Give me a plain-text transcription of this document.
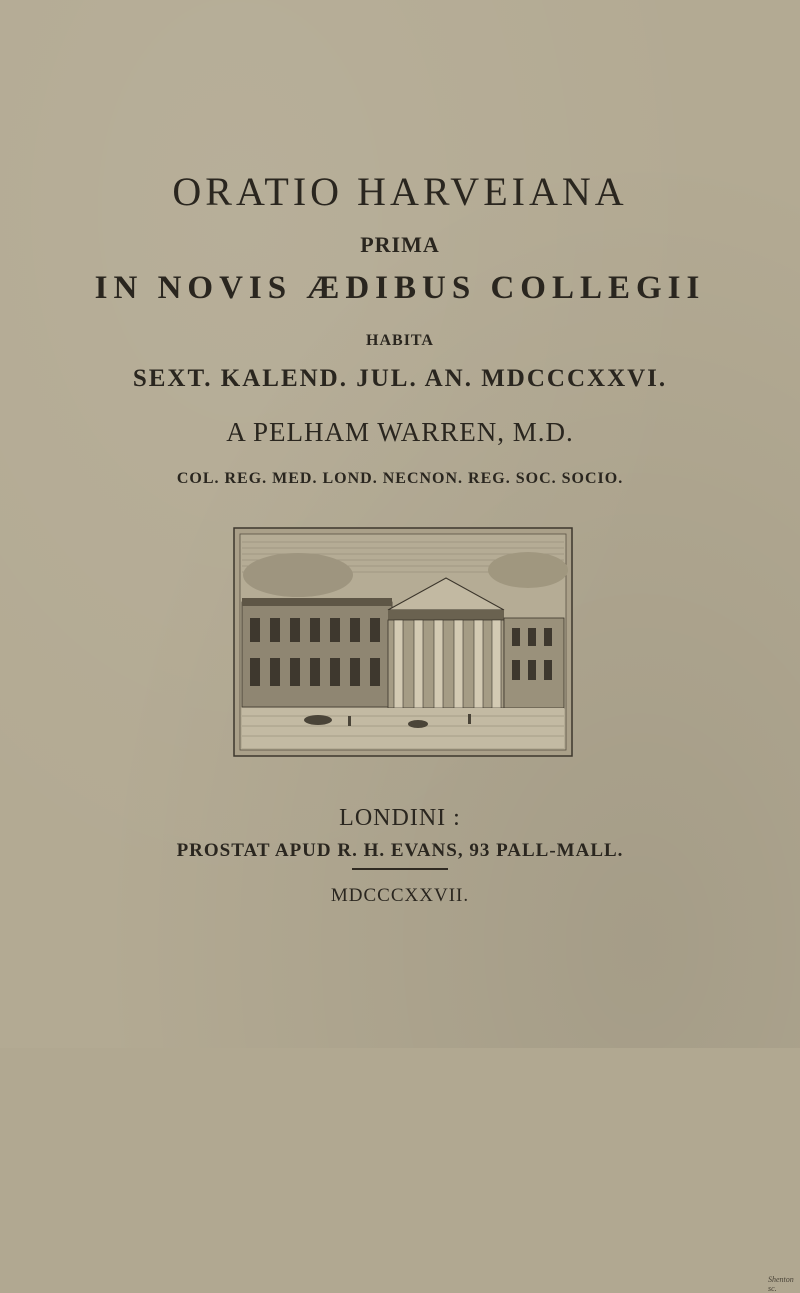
ORATIO HARVEIANA
PRIMA
IN NOVIS ÆDIBUS COLLEGII
HABITA
SEXT. KALEND. JUL. AN. MDCCCXXVI.
A PELHAM WARREN, M.D.
COL. REG. MED. LOND. NECNON. REG. SOC. SOCIO.
Shenton sc.
LONDINI :
PROSTAT APUD R. H. EVANS, 93 PALL-MALL.
MDCCCXXVII.
